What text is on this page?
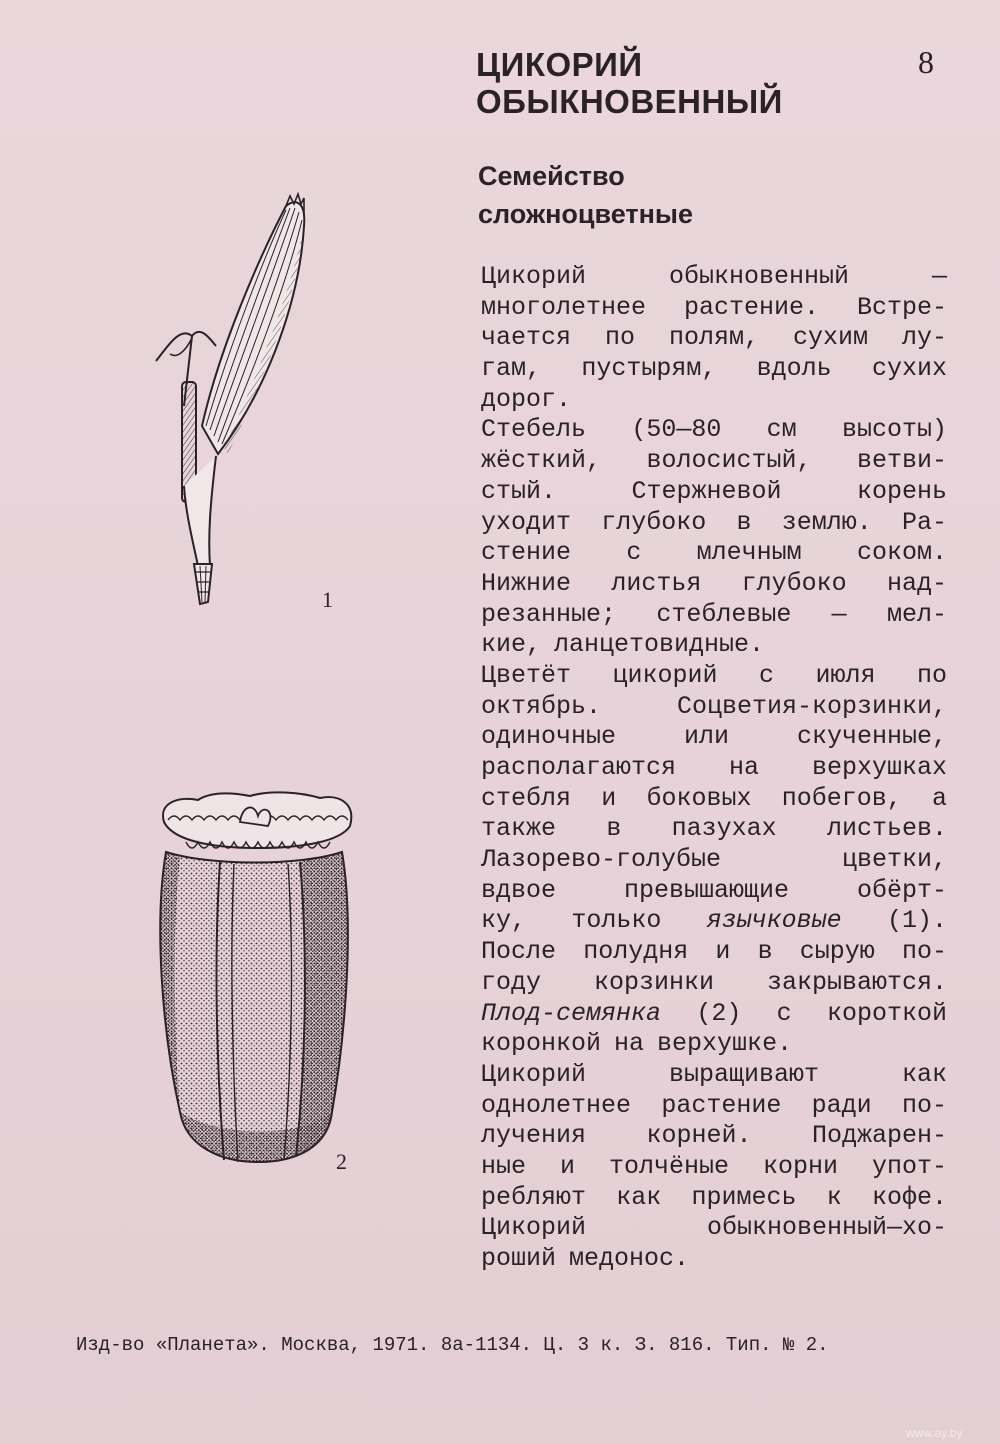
ЦИКОРИЙ
ОБЫКНОВЕННЫЙ
8
Семейство
сложноцветные
1
2
Цикорий	обыкновенный	—
многолетнее растение. Встре-
чается по полям, сухим лу-
гам, пустырям, вдоль сухих
дорог.
Стебель (50—80 см высоты)
жёсткий, волосистый, ветви-
стый.	Стержневой	корень
уходит глубоко в землю. Ра-
стение с млечным соком.
Нижние листья глубоко над-
резанные; стеблевые — мел-
кие, ланцетовидные.
Цветёт цикорий с июля по
октябрь.	Соцветия-корзинки,
одиночные	или	скученные,
располагаются на верхушках
стебля и боковых побегов, а
также в пазухах листьев.
Лазорево-голубые	цветки,
вдвое	превышающие	обёрт-
ку, только язычковые (1).
После полудня и в сырую по-
году корзинки закрываются.
Плод-семянка (2) с короткой
коронкой на верхушке.
Цикорий	выращивают	как
однолетнее растение ради по-
лучения корней. Поджарен-
ные и толчёные корни упот-
ребляют как примесь к кофе.
Цикорий	обыкновенный—хо-
роший медонос.
Изд-во «Планета». Москва, 1971. 8а-1134. Ц. 3 к. З. 816. Тип. № 2.
www.ay.by
